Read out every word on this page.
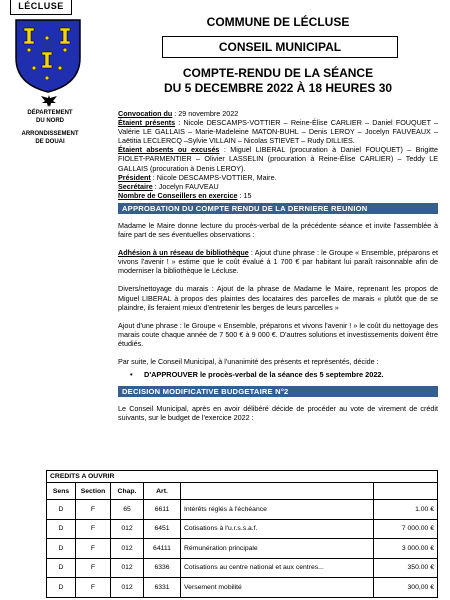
LÉCLUSE
DÉPARTEMENT
DU NORD
ARRONDISSEMENT
DE DOUAI
COMMUNE DE LÉCLUSE
CONSEIL MUNICIPAL
COMPTE-RENDU DE LA SÉANCE
DU 5 DECEMBRE 2022 À 18 HEURES 30

Convocation du : 29 novembre 2022

Étaient présents : Nicole DESCAMPS-VOTTIER – Reine-Élise CARLIER – Daniel FOUQUET – Valérie LE GALLAIS – Marie-Madeleine MATON-BUHL – Denis LEROY – Jocelyn FAUVEAUX – Laëtitia LECLERCQ –Sylvie VILLAIN – Nicolas STIEVET – Rudy DILLIES.

Étaient absents ou excusés : Miguel LIBERAL (procuration à Daniel FOUQUET) – Brigitte FIOLET-PARMENTIER – Olivier LASSELIN (procuration à Reine-Élise CARLIER) – Teddy LE GALLAIS (procuration à Denis LEROY).

Président : Nicole DESCAMPS-VOTTIER, Maire.

Secrétaire : Jocelyn FAUVEAU

Nombre de Conseillers en exercice : 15

APPROBATION DU COMPTE RENDU DE LA DERNIERE REUNION

Madame le Maire donne lecture du procès-verbal de la précédente séance et invite l'assemblée à faire part de ses éventuelles observations :

Adhésion à un réseau de bibliothèque : Ajout d'une phrase : le Groupe « Ensemble, préparons et vivons l'avenir ! » estime que le coût évalué à 1 700 € par habitant lui paraît raisonnable afin de moderniser la bibliothèque le Lécluse.

Divers/nettoyage du marais : Ajout de la phrase de Madame le Maire, reprenant les propos de Miguel LIBERAL à propos des plaintes des locataires des parcelles de marais « plutôt que de se plaindre, ils feraient mieux d'entretenir les berges de leurs parcelles »

Ajout d'une phrase : le Groupe « Ensemble, préparons et vivons l'avenir ! » le coût du nettoyage des marais coute chaque année de 7 500 € à 9 000 €. D'autres solutions et investissements doivent être étudiés.

Par suite, le Conseil Municipal, à l'unanimité des présents et représentés, décide :

•	D'APPROUVER le procès-verbal de la séance des 5 septembre 2022.
DECISION MODIFICATIVE BUDGETAIRE N°2

Le Conseil Municipal, après en avoir délibéré décide de procéder au vote de virement de crédit suivants, sur le budget de l'exercice 2022 :

CREDITS A OUVRIR					
Sens	Section	Chap.	Art.		
D	F	65	6611	Intérêts réglés à l'échéance	1.00 €
D	F	012	6451	Cotisations à l'u.r.s.s.a.f.	7 000.00 €
D	F	012	64111	Rémunération principale	3 000.00 €
D	F	012	6336	Cotisations au centre national et aux centres...	350.00 €
D	F	012	6331	Versement mobilité	300,00 €
